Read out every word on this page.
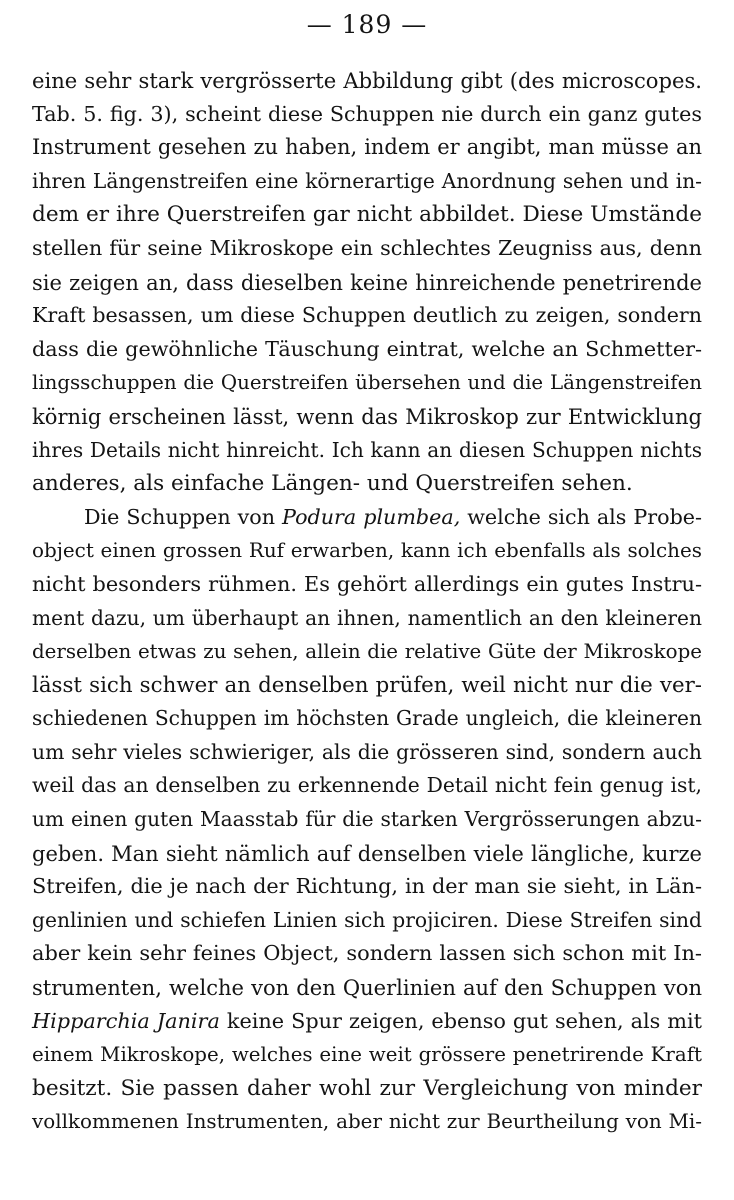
— 189 —
eine sehr stark vergrösserte Abbildung gibt (des microscopes.
Tab. 5. fig. 3), scheint diese Schuppen nie durch ein ganz gutes
Instrument gesehen zu haben, indem er angibt, man müsse an
ihren Längenstreifen eine körnerartige Anordnung sehen und in-
dem er ihre Querstreifen gar nicht abbildet. Diese Umstände
stellen für seine Mikroskope ein schlechtes Zeugniss aus, denn
sie zeigen an, dass dieselben keine hinreichende penetrirende
Kraft besassen, um diese Schuppen deutlich zu zeigen, sondern
dass die gewöhnliche Täuschung eintrat, welche an Schmetter-
lingsschuppen die Querstreifen übersehen und die Längenstreifen
körnig erscheinen lässt, wenn das Mikroskop zur Entwicklung
ihres Details nicht hinreicht. Ich kann an diesen Schuppen nichts
anderes, als einfache Längen- und Querstreifen sehen.
Die Schuppen von Podura plumbea, welche sich als Probe-
object einen grossen Ruf erwarben, kann ich ebenfalls als solches
nicht besonders rühmen. Es gehört allerdings ein gutes Instru-
ment dazu, um überhaupt an ihnen, namentlich an den kleineren
derselben etwas zu sehen, allein die relative Güte der Mikroskope
lässt sich schwer an denselben prüfen, weil nicht nur die ver-
schiedenen Schuppen im höchsten Grade ungleich, die kleineren
um sehr vieles schwieriger, als die grösseren sind, sondern auch
weil das an denselben zu erkennende Detail nicht fein genug ist,
um einen guten Maasstab für die starken Vergrösserungen abzu-
geben. Man sieht nämlich auf denselben viele längliche, kurze
Streifen, die je nach der Richtung, in der man sie sieht, in Län-
genlinien und schiefen Linien sich projiciren. Diese Streifen sind
aber kein sehr feines Object, sondern lassen sich schon mit In-
strumenten, welche von den Querlinien auf den Schuppen von
Hipparchia Janira keine Spur zeigen, ebenso gut sehen, als mit
einem Mikroskope, welches eine weit grössere penetrirende Kraft
besitzt. Sie passen daher wohl zur Vergleichung von minder
vollkommenen Instrumenten, aber nicht zur Beurtheilung von Mi-
